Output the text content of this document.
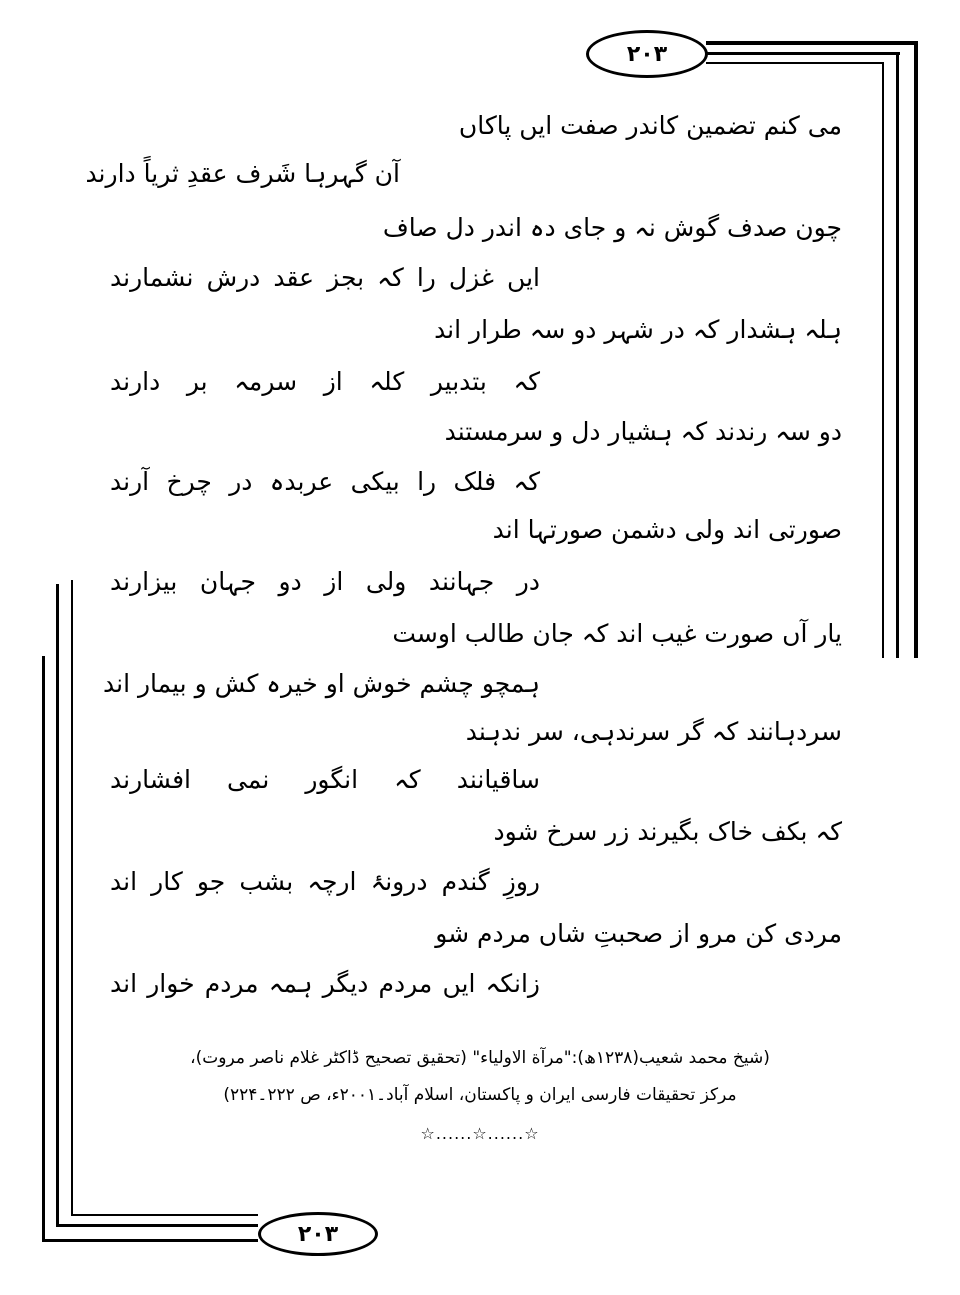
۲۰۳
۲۰۳
می کنم تضمین کاندر صفت ایں پاکاں
آن گہرہا شَرف عقدِ ثریاً دارند
چون صدف گوش نہ و جای دہ اندر دل صاف
ایں غزل را کہ بجز عقد درش نشمارند
ہلہ ہشدار کہ در شہر دو سہ طرار اند
کہ بتدبیر کلہ از سرمہ بر دارند
دو سہ رندند کہ ہشیار دل و سرمستند
کہ فلک را بیکی عربدہ در چرخ آرند
صورتی اند ولی دشمن صورتہا اند
در جہانند ولی از دو جہان بیزارند
یار آں صورت غیب اند کہ جان طالب اوست
ہمچو چشم خوش او خیرہ کش و بیمار اند
سردہانند کہ گر سرندہی، سر ندہند
ساقیانند کہ انگور نمی افشارند
کہ بکف خاک بگیرند زر سرخ شود
روزِ گندم درونۂ ارچہ بشب جو کار اند
مردی کن مرو از صحبتِ شاں مردم شو
زانکہ ایں مردم دیگر ہمہ مردم خوار اند
(شیخ محمد شعیب(۱۲۳۸ھ):"مرآة الاولیاء" (تحقیق تصحیح ڈاکٹر غلام ناصر مروت)،
مرکز تحقیقات فارسی ایران و پاکستان، اسلام آباد۔۲۰۰۱ء، ص ۲۲۲۔۲۲۴)
☆......☆......☆
